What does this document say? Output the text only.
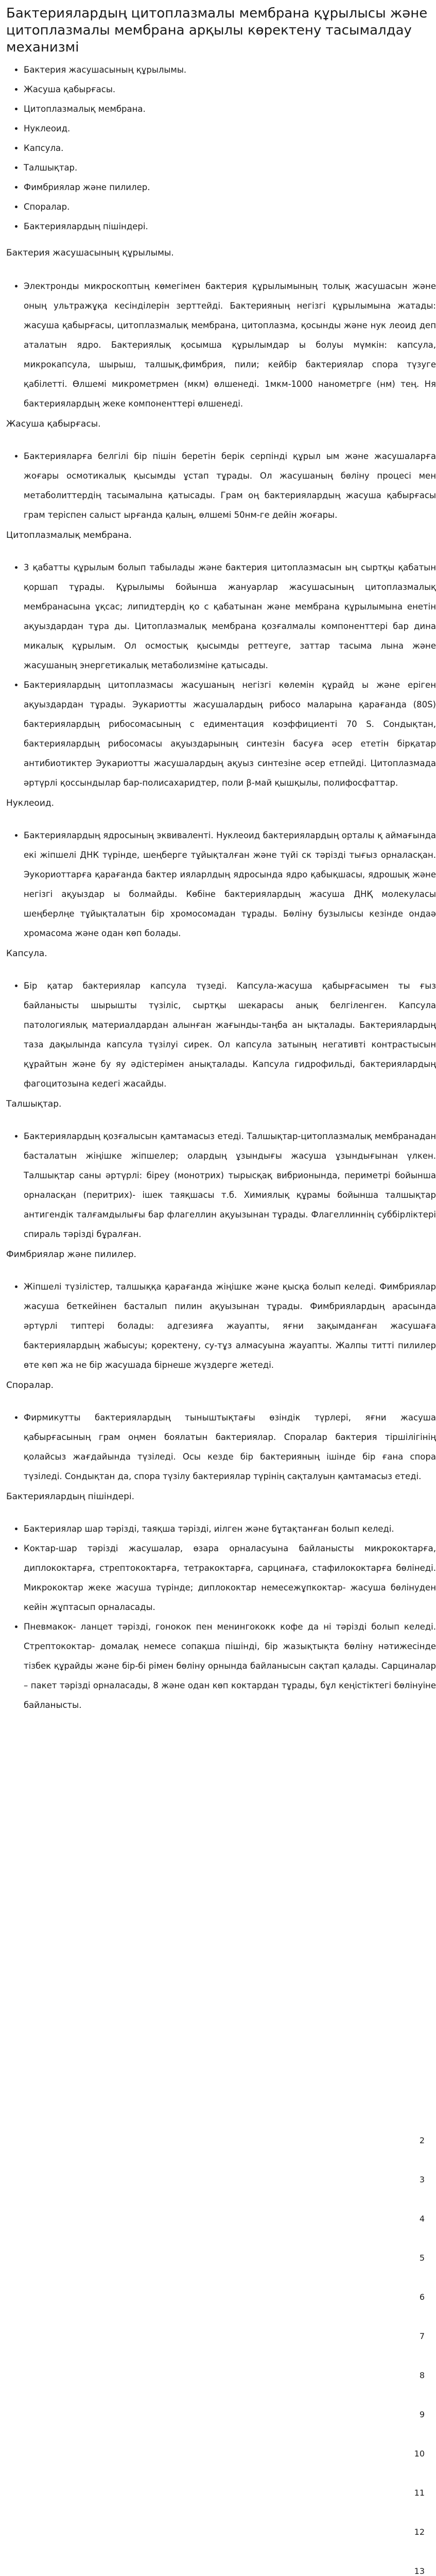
Бактериялардың цитоплазмалы мембрана құрылысы және цитоплазмалы мембрана арқылы көректену тасымалдау механизмі
• Бактерия жасушасының құрылымы.
• Жасуша қабырғасы.
• Цитоплазмалық мембрана.
• Нуклеоид.
• Капсула.
• Талшықтар.
• Фимбриялар және пилилер.
• Споралар.
• Бактериялардың пішіндері.

Бактерия жасушасының құрылымы.

• Электронды микроскоптың көмегімен бактерия құрылымының толық жасушасын және оның ультражұқа кесінділерін зерттейді. Бактерияның негізгі құрылымына жатады: жасуша қабырғасы, цитоплазмалық мембрана, цитоплазма, қосынды және нук леоид деп аталатын ядро. Бактериялық қосымша құрылымдар ы болуы мүмкін: капсула, микрокапсула, шырыш, талшық,фимбрия, пили; кейбір бактериялар спора түзуге қабілетті. Өлшемі микрометрмен (мкм) өлшенеді. 1мкм-1000 нанометрге (нм) тең. Ня бактериялардың жеке компоненттері өлшенеді.

Жасуша қабырғасы.

• Бактерияларға белгілі бір пішін беретін берік серпінді құрыл ым және жасушаларға жоғары осмотикалық қысымды ұстап тұрады. Ол жасушаның бөліну процесі мен метаболиттердің тасымалына қатысады. Грам оң бактериялардың жасуша қабырғасы грам теріспен салыст ырғанда қалың, өлшемі 50нм-ге дейін жоғары.

Цитоплазмалық мембрана.

• 3 қабатты құрылым болып табылады және бактерия цитоплазмасын ың сыртқы қабатын қоршап тұрады. Құрылымы бойынша жануарлар жасушасының цитоплазмалық мембранасына ұқсас; липидтердің қо с қабатынан және мембрана құрылымына енетін ақуыздардан тұра ды. Цитоплазмалық мембрана қозғалмалы компоненттері бар дина микалық құрылым. Ол осмостық қысымды реттеуге, заттар тасыма лына және жасушаның энергетикалық метаболизміне қатысады.
• Бактериялардың цитоплазмасы жасушаның негізгі көлемін құрайд ы және еріген ақуыздардан тұрады. Эукариотты жасушалардың рибосо маларына қарағанда (80S) бактериялардың рибосомасының с едиментация коэффициенті 70 S. Сондықтан, бактериялардың рибосомасы ақуыздарының синтезін басуға әсер ететін бірқатар антибиотиктер Эукариотты жасушалардың ақуыз синтезіне әсер етпейді. Цитоплазмада әртүрлі қоссындылар бар-полисахаридтер, поли β-май қышқылы, полифосфаттар.

Нуклеоид.

• Бактериялардың ядросының эквиваленті. Нуклеоид бактериялардың орталы қ аймағында екі жіпшелі ДНК түрінде, шеңберге тұйықталған және түйі ск тәрізді тығыз орналасқан. Эукориоттарға қарағанда бактер ияларлдың ядросында ядро қабықшасы, ядрошық және негізгі ақуыздар ы болмайды. Көбіне бактериялардың жасуша ДНҚ молекуласы шеңберлңе тұйықталатын бір хромосомадан тұрады. Бөліну бузылысы кезінде ондаә хромасома және одан көп болады.

Капсула.

• Бір қатар бактериялар капсула түзеді. Капсула-жасуша қабырғасымен ты ғыз байланысты шырышты түзіліс, сыртқы шекарасы анық белгіленген. Капсула патологиялық материалдардан алынған жағынды-таңба ан ықталады. Бактериялардың таза дақылында капсула түзілуі сирек. Ол капсула затының негативті контрастысын құрайтын және бу яу әдістерімен анықталады. Капсула гидрофильді, бактериялардың фагоцитозына кедегі жасайды.

Талшықтар.

• Бактериялардың қозғалысын қамтамасыз етеді. Талшықтар-цитоплазмалық мембранадан басталатын жіңішке жіпшелер; олардың ұзындығы жасуша ұзындығынан үлкен. Талшықтар саны әртүрлі: біреу (монотрих) тырысқақ вибрионында, периметрі бойынша орналасқан (перитрих)- ішек таяқшасы т.б. Химиялық құрамы бойынша талшықтар антигендік талғамдылығы бар флагеллин ақуызынан тұрады. Флагеллиннің суббірліктері спираль тәрізді бұралған.

Фимбриялар және пилилер.

• Жіпшелі түзілістер, талшыққа қарағанда жіңішке және қысқа болып келеді. Фимбриялар жасуша беткейінен басталып пилин ақуызынан тұрады. Фимбриялардың арасында әртүрлі типтері болады: адгезияға жауапты, яғни зақымданған жасушаға бактериялардың жабысуы; қоректену, су-тұз алмасуына жауапты. Жалпы титті пилилер өте көп жа не бір жасушада бірнеше жүздерге жетеді.

Споралар.

• Фирмикутты бактериялардың тыныштықтағы өзіндік түрлері, яғни жасуша қабырғасының грам оңмен боялатын бактериялар. Споралар бактерия тіршілігінің қолайсыз жағдайында түзіледі. Осы кезде бір бактерияның ішінде бір ғана спора түзіледі. Сондықтан да, спора түзілу бактериялар түрінің сақталуын қамтамасыз етеді.

Бактериялардың пішіндері.

• Бактериялар шар тәрізді, таяқша тәрізді, иілген және бұтақтанған болып келеді.
• Коктар-шар тәрізді жасушалар, өзара орналасуына байланысты микрококтарға, диплококтарға, стрептококтарға, тетракоктарға, сарцинаға, стафилококтарға бөлінеді. Микрококтар жеке жасуша түрінде; диплококтар немесежұпкоктар- жасуша бөлінуден кейін жұптасып орналасады.
• Пневмакок- ланцет тәрізді, гонокок пен менингококк кофе да ні тәрізді болып келеді. Стрептококтар- домалақ немесе сопақша пішінді, бір жазықтықта бөліну нәтижесінде тізбек құрайды және бір-бі рімен бөліну орнында байланысын сақтап қалады. Сарциналар – пакет тәрізді орналасады, 8 және одан көп коктардан тұрады, бұл кеңістіктегі бөлінуіне байланысты.
2
3
4
5
6
7
8
9
10
11
12
13
